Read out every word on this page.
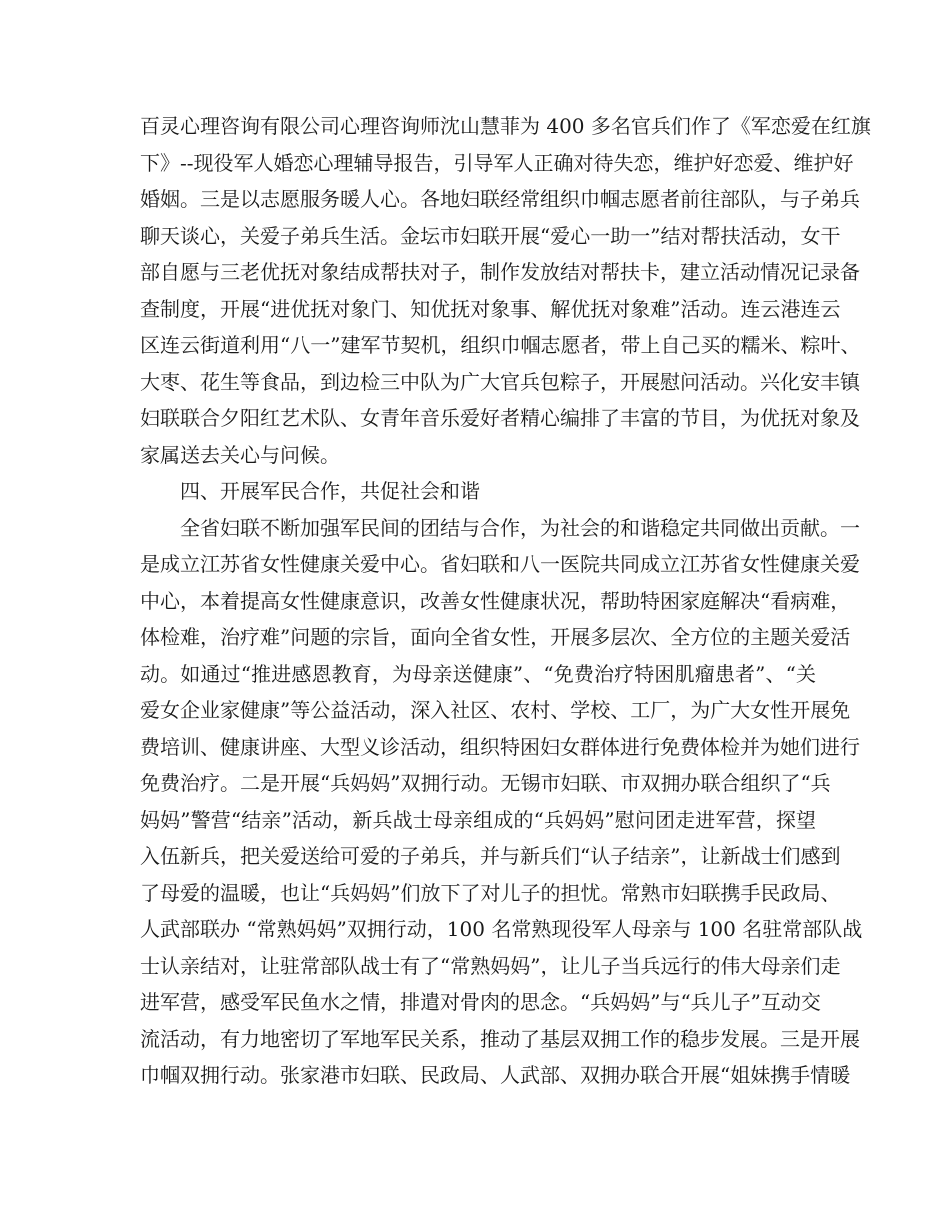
百灵心理咨询有限公司心理咨询师沈山慧菲为 400 多名官兵们作了《军恋爱在红旗
下》--现役军人婚恋心理辅导报告，引导军人正确对待失恋，维护好恋爱、维护好
婚姻。三是以志愿服务暖人心。各地妇联经常组织巾帼志愿者前往部队，与子弟兵
聊天谈心，关爱子弟兵生活。金坛市妇联开展“爱心一助一”结对帮扶活动，女干
部自愿与三老优抚对象结成帮扶对子，制作发放结对帮扶卡，建立活动情况记录备
查制度，开展“进优抚对象门、知优抚对象事、解优抚对象难”活动。连云港连云
区连云街道利用“八一”建军节契机，组织巾帼志愿者，带上自己买的糯米、粽叶、
大枣、花生等食品，到边检三中队为广大官兵包粽子，开展慰问活动。兴化安丰镇
妇联联合夕阳红艺术队、女青年音乐爱好者精心编排了丰富的节目，为优抚对象及
家属送去关心与问候。
四、开展军民合作，共促社会和谐
全省妇联不断加强军民间的团结与合作，为社会的和谐稳定共同做出贡献。一
是成立江苏省女性健康关爱中心。省妇联和八一医院共同成立江苏省女性健康关爱
中心，本着提高女性健康意识，改善女性健康状况，帮助特困家庭解决“看病难，
体检难，治疗难”问题的宗旨，面向全省女性，开展多层次、全方位的主题关爱活
动。如通过“推进感恩教育，为母亲送健康”、“免费治疗特困肌瘤患者”、“关
爱女企业家健康”等公益活动，深入社区、农村、学校、工厂，为广大女性开展免
费培训、健康讲座、大型义诊活动，组织特困妇女群体进行免费体检并为她们进行
免费治疗。二是开展“兵妈妈”双拥行动。无锡市妇联、市双拥办联合组织了“兵
妈妈”警营“结亲”活动，新兵战士母亲组成的“兵妈妈”慰问团走进军营，探望
入伍新兵，把关爱送给可爱的子弟兵，并与新兵们“认子结亲”，让新战士们感到
了母爱的温暖，也让“兵妈妈”们放下了对儿子的担忧。常熟市妇联携手民政局、
人武部联办 “常熟妈妈”双拥行动，100 名常熟现役军人母亲与 100 名驻常部队战
士认亲结对，让驻常部队战士有了“常熟妈妈”，让儿子当兵远行的伟大母亲们走
进军营，感受军民鱼水之情，排遣对骨肉的思念。“兵妈妈”与“兵儿子”互动交
流活动，有力地密切了军地军民关系，推动了基层双拥工作的稳步发展。三是开展
巾帼双拥行动。张家港市妇联、民政局、人武部、双拥办联合开展“姐妹携手情暖
